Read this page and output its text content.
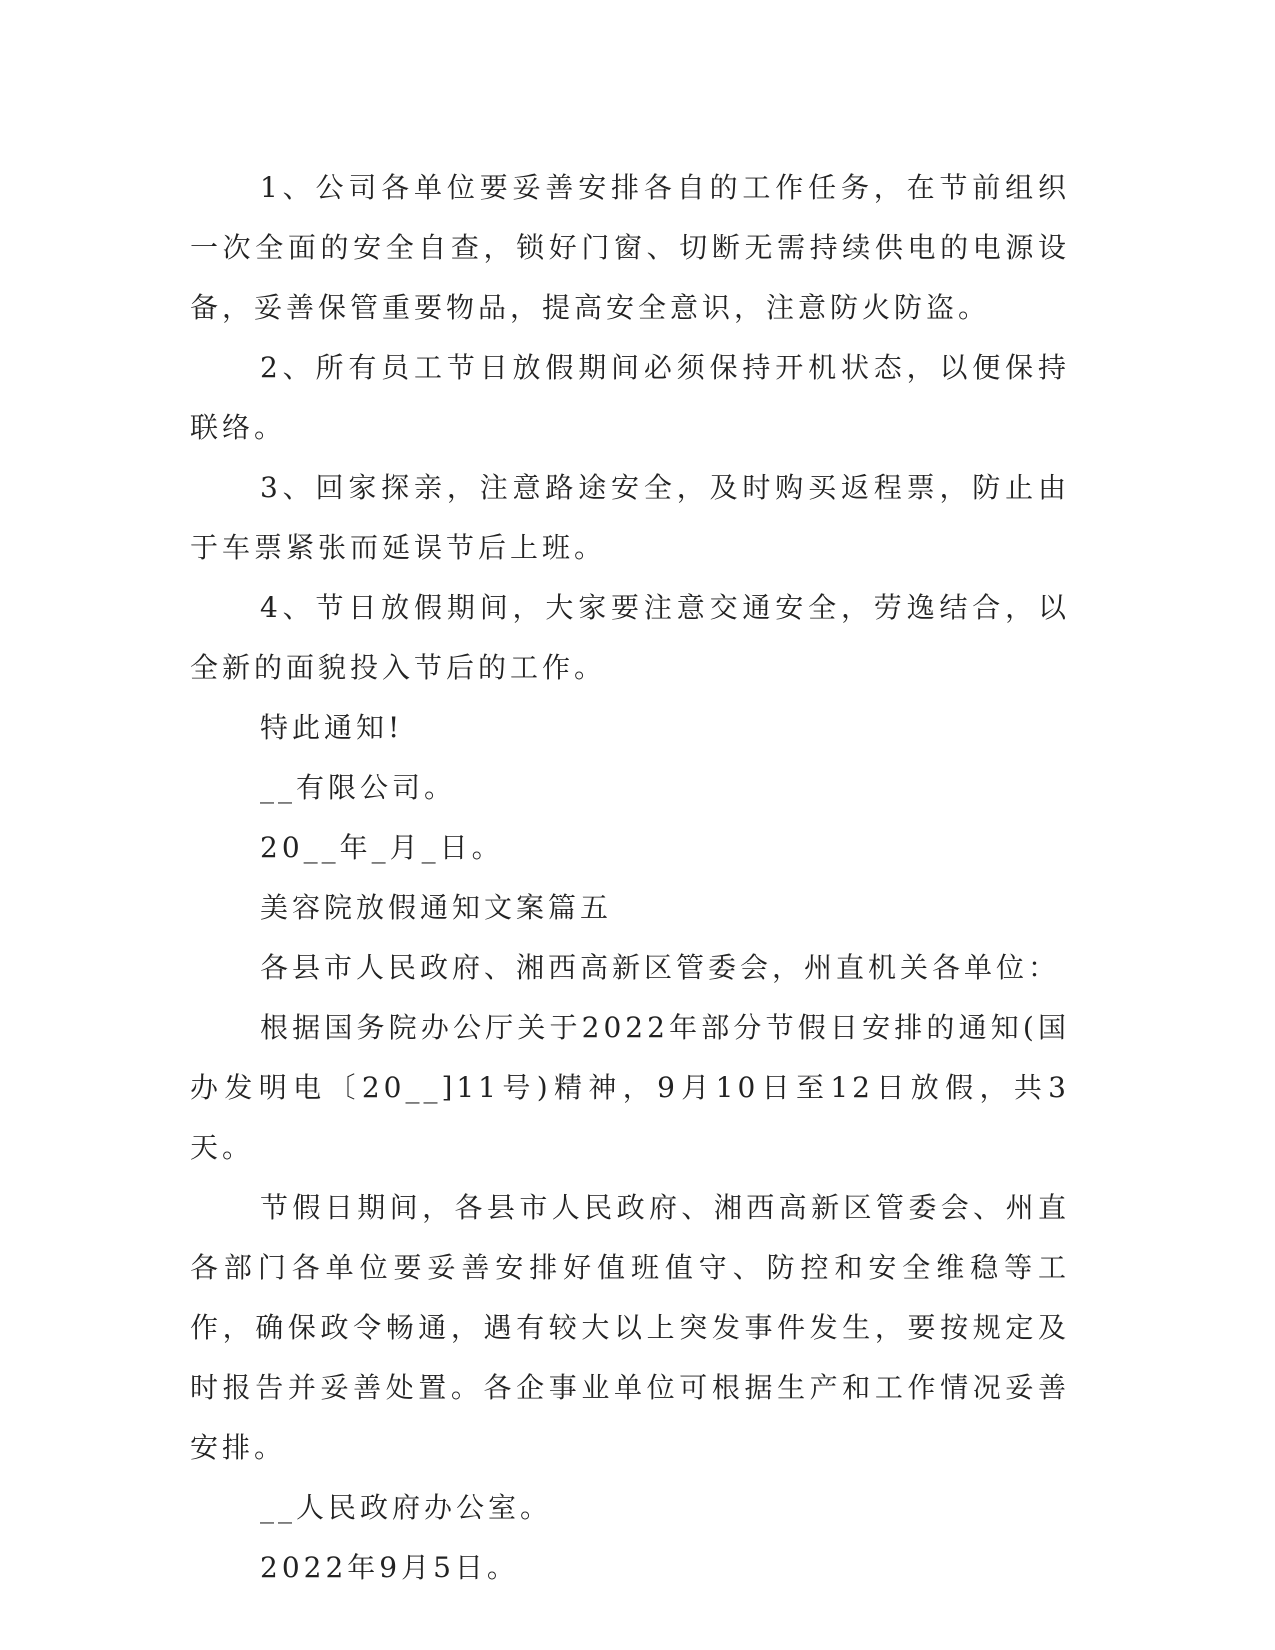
1、公司各单位要妥善安排各自的工作任务，在节前组织一次全面的安全自查，锁好门窗、切断无需持续供电的电源设备，妥善保管重要物品，提高安全意识，注意防火防盗。

2、所有员工节日放假期间必须保持开机状态，以便保持联络。

3、回家探亲，注意路途安全，及时购买返程票，防止由于车票紧张而延误节后上班。

4、节日放假期间，大家要注意交通安全，劳逸结合，以全新的面貌投入节后的工作。

特此通知!

__有限公司。

20__年_月_日。

美容院放假通知文案篇五

各县市人民政府、湘西高新区管委会，州直机关各单位：

根据国务院办公厅关于2022年部分节假日安排的通知(国办发明电〔20__]11号)精神，9月10日至12日放假，共3天。

节假日期间，各县市人民政府、湘西高新区管委会、州直各部门各单位要妥善安排好值班值守、防控和安全维稳等工作，确保政令畅通，遇有较大以上突发事件发生，要按规定及时报告并妥善处置。各企事业单位可根据生产和工作情况妥善安排。

__人民政府办公室。

2022年9月5日。
